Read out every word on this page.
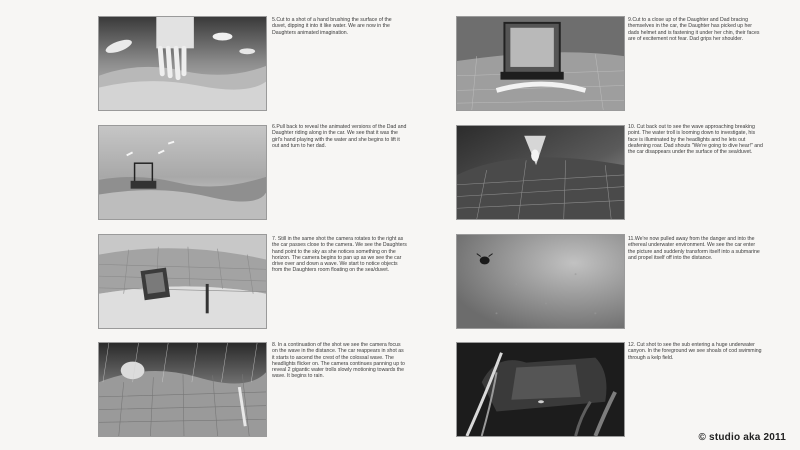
5.Cut to a shot of a hand brushing the surface of the duvet, dipping it into it like water. We are now in the Daughters animated imagination.
6.Pull back to reveal the animated versions of the Dad and Daughter riding along in the car. We see that it was the girl's hand playing with the water and she begins to lift it out and turn to her dad.
7. Still in the same shot the camera rotates to the right as the car passes close to the camera. We see the Daughters hand point to the sky as she notices something on the horizon. The camera begins to pan up as we see the car drive over and down a wave. We start to notice objects from the Daughters room floating on the sea/duvet.
8. In a continuation of the shot we see the camera focus on the wave in the distance. The car reappears in shot as it starts to ascend the crest of the colossal wave. The headlights flicker on. The camera continues panning up to reveal 2 gigantic water trolls slowly motioning towards the wave. It begins to rain.
9.Cut to a close up of the Daughter and Dad bracing themselves in the car, the Daughter has picked up her dads helmet and is fastening it under her chin, their faces are of excitement not fear. Dad grips her shoulder.
10. Cut back out to see the wave approaching breaking point. The water troll is looming down to investigate, his face is illuminated by the headlights and he lets out deafening roar. Dad shouts "We're going to dive hear!" and the car disappears under the surface of the sea/duvet.
11.We're now pulled away from the danger and into the ethereal underwater environment. We see the car enter the picture and suddenly transform itself into a submarine and propel itself off into the distance.
12. Cut shot to see the sub entering a huge underwater canyon. In the foreground we see shoals of cod swimming through a kelp field.
© studio aka 2011
